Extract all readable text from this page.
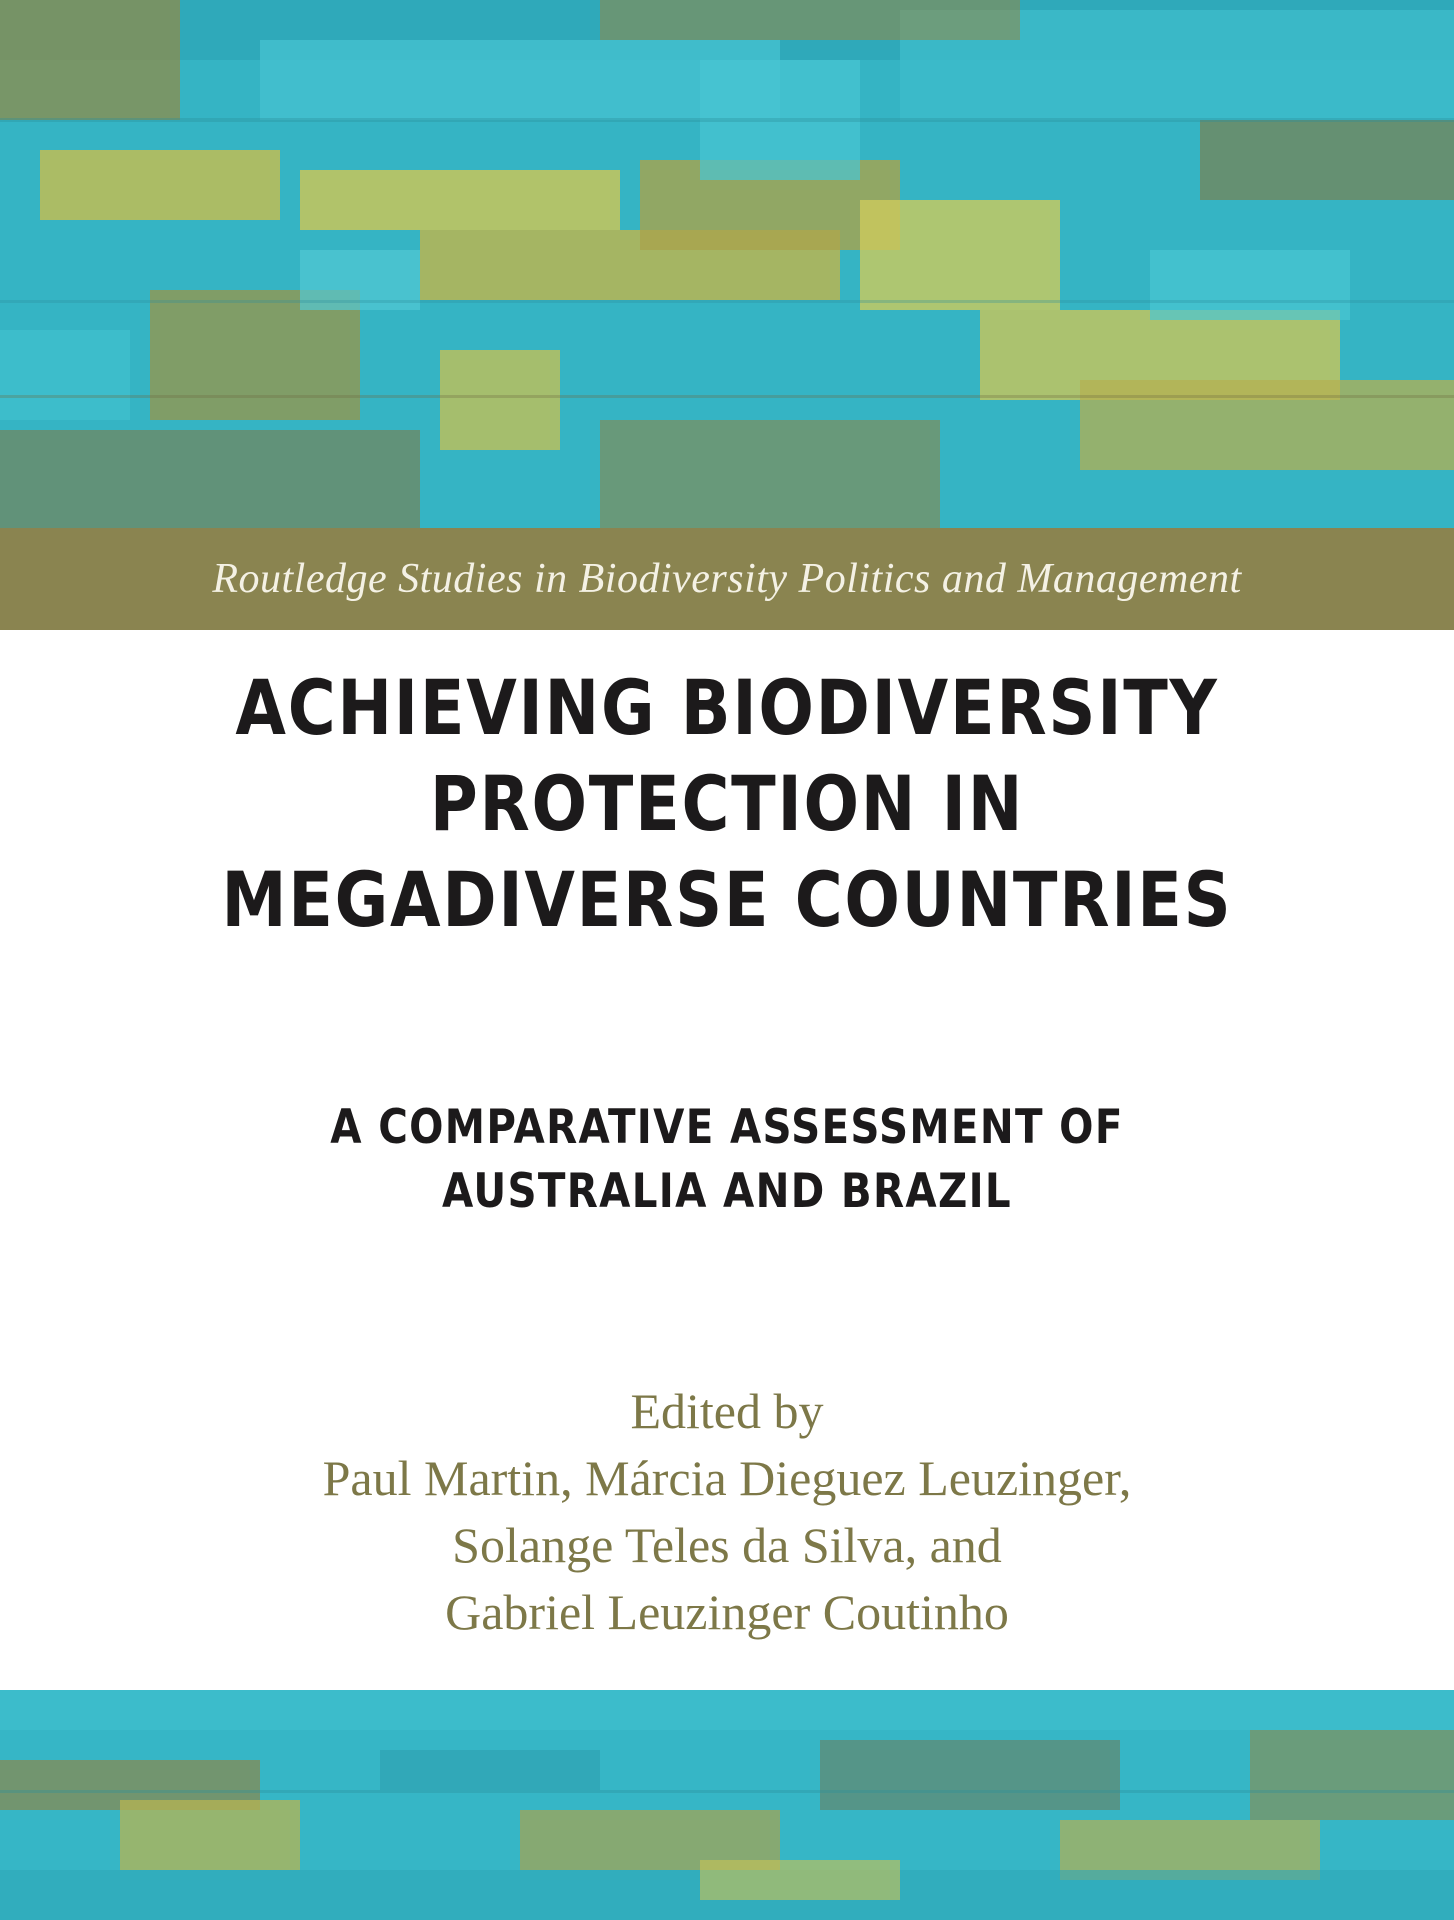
Routledge Studies in Biodiversity Politics and Management

ACHIEVING BIODIVERSITY

PROTECTION IN

MEGADIVERSE COUNTRIES

A COMPARATIVE ASSESSMENT OF

AUSTRALIA AND BRAZIL

Edited by

Paul Martin, Márcia Dieguez Leuzinger,

Solange Teles da Silva, and

Gabriel Leuzinger Coutinho
